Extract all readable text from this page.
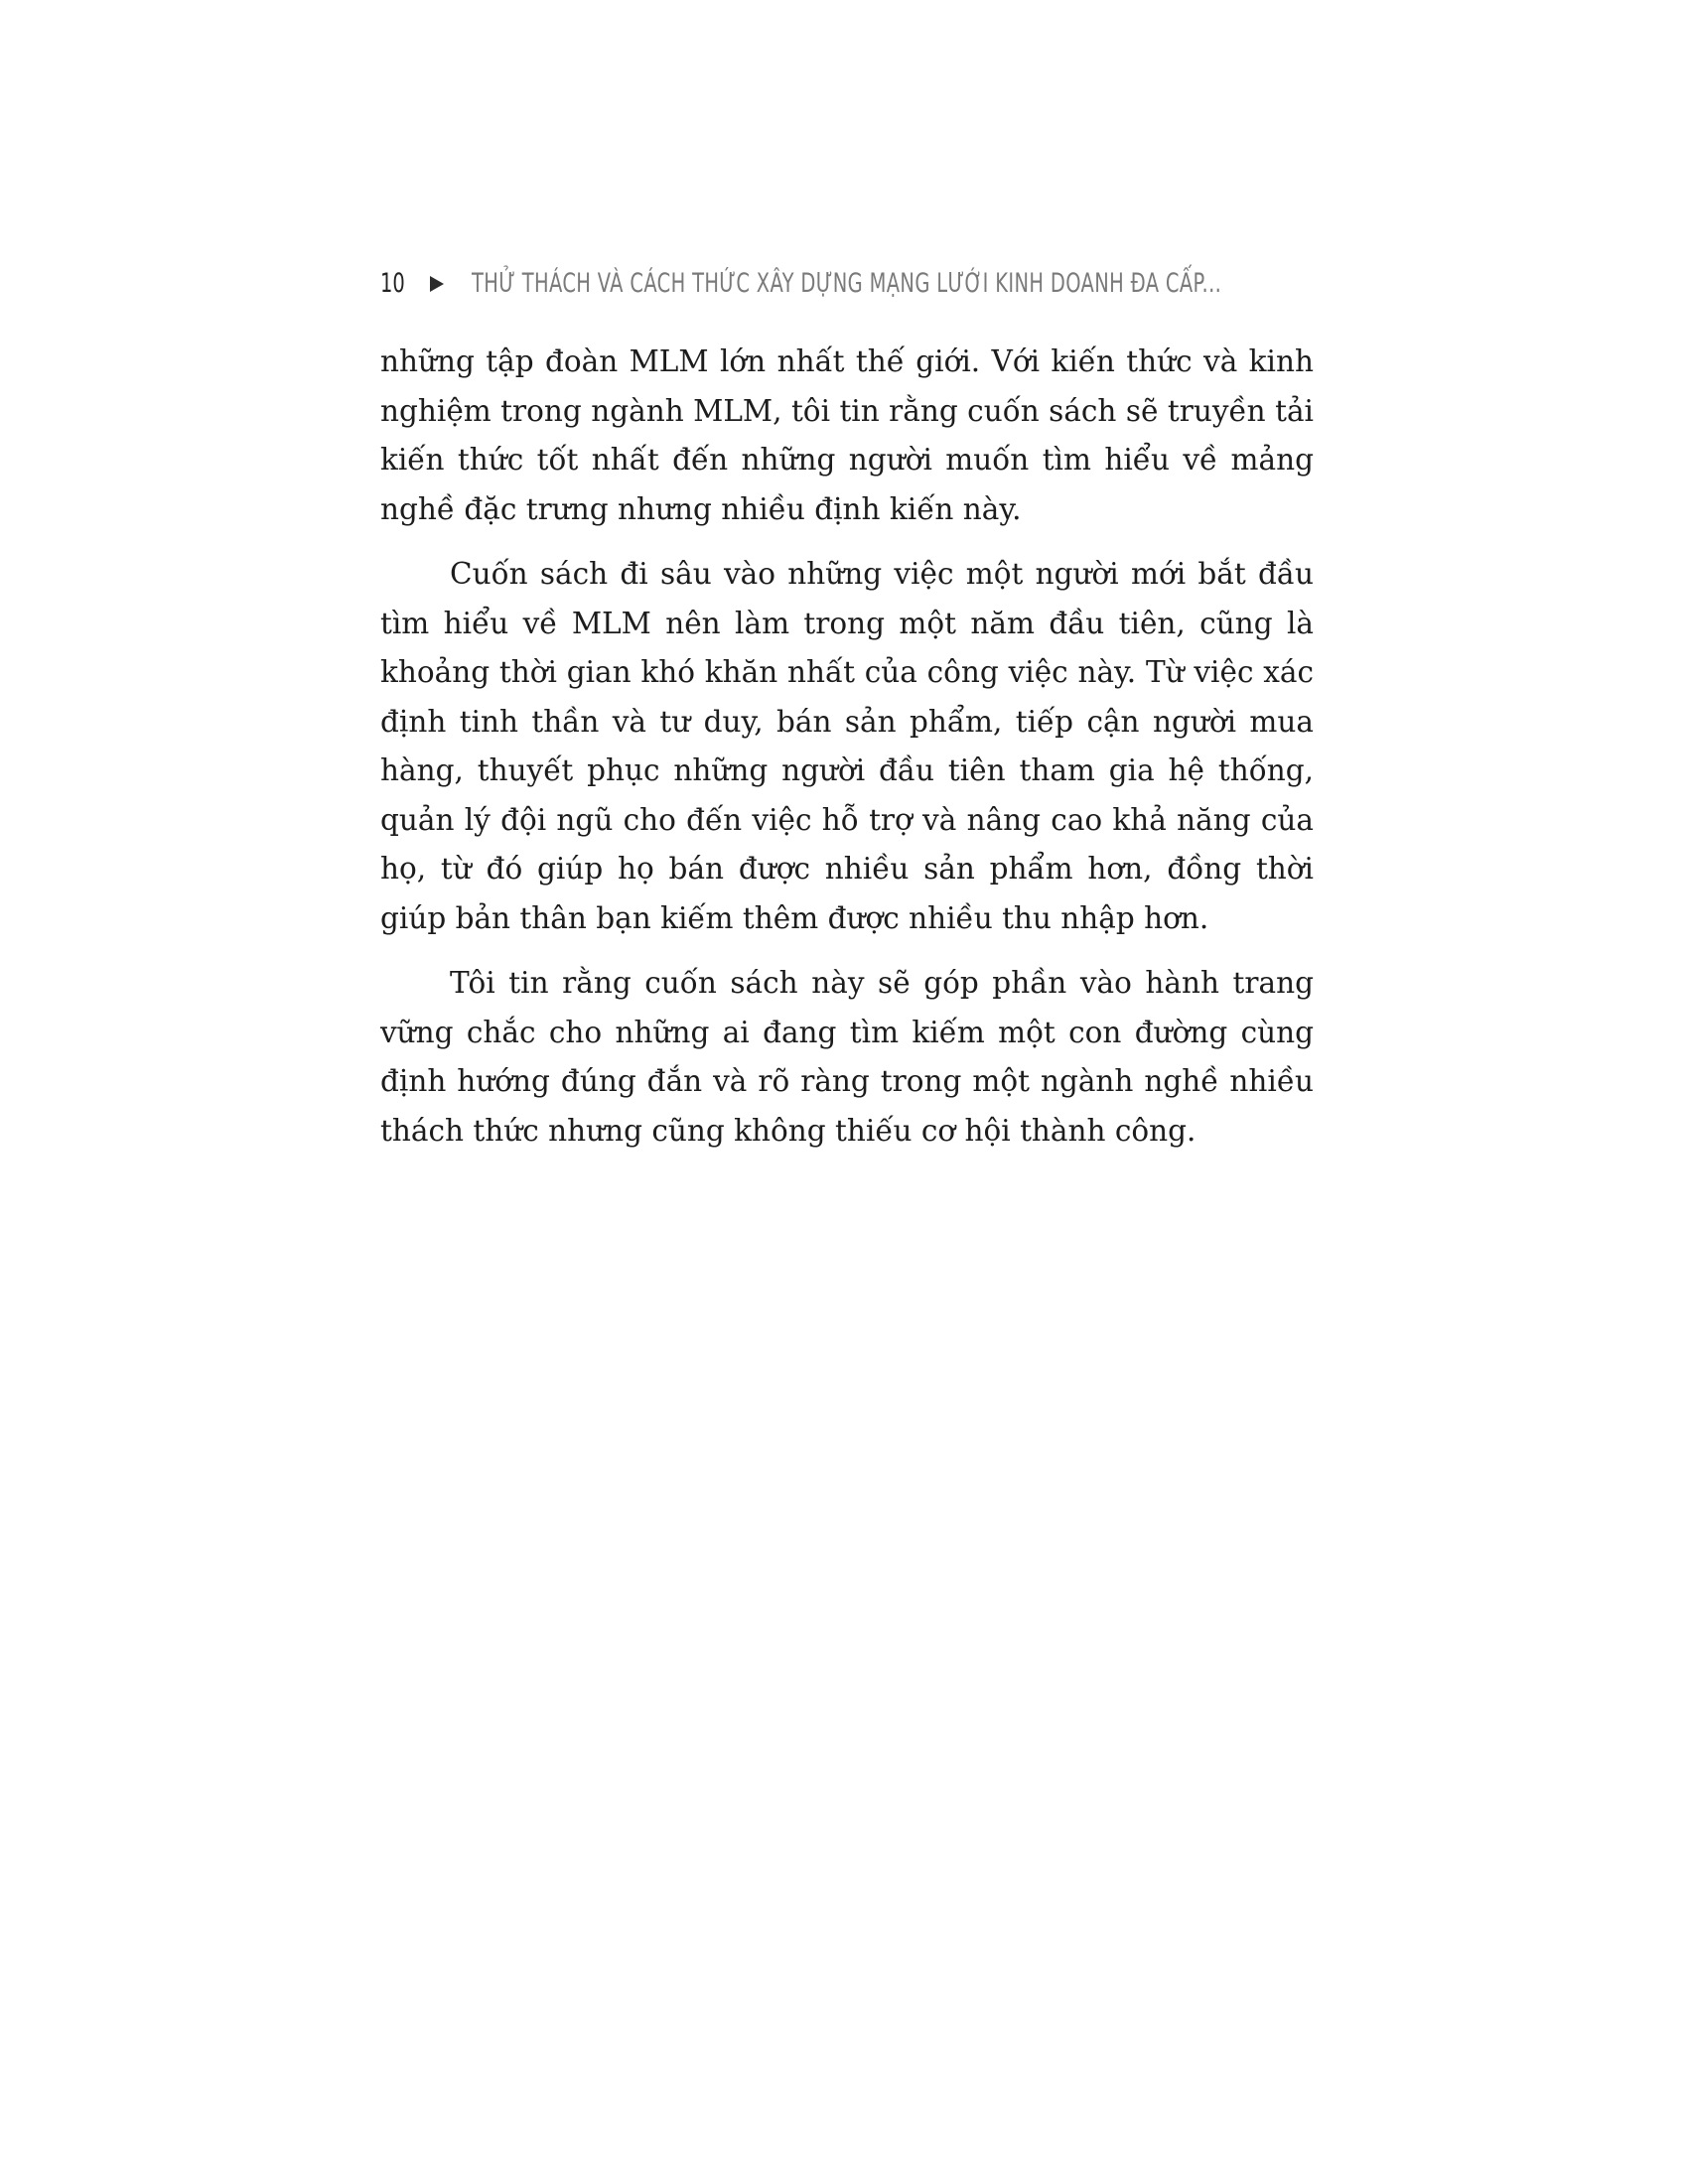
10 THỬ THÁCH VÀ CÁCH THỨC XÂY DỰNG MẠNG LƯỚI KINH DOANH ĐA CẤP...

những tập đoàn MLM lớn nhất thế giới. Với kiến thức và kinh nghiệm trong ngành MLM, tôi tin rằng cuốn sách sẽ truyền tải kiến thức tốt nhất đến những người muốn tìm hiểu về mảng nghề đặc trưng nhưng nhiều định kiến này.

Cuốn sách đi sâu vào những việc một người mới bắt đầu tìm hiểu về MLM nên làm trong một năm đầu tiên, cũng là khoảng thời gian khó khăn nhất của công việc này. Từ việc xác định tinh thần và tư duy, bán sản phẩm, tiếp cận người mua hàng, thuyết phục những người đầu tiên tham gia hệ thống, quản lý đội ngũ cho đến việc hỗ trợ và nâng cao khả năng của họ, từ đó giúp họ bán được nhiều sản phẩm hơn, đồng thời giúp bản thân bạn kiếm thêm được nhiều thu nhập hơn.

Tôi tin rằng cuốn sách này sẽ góp phần vào hành trang vững chắc cho những ai đang tìm kiếm một con đường cùng định hướng đúng đắn và rõ ràng trong một ngành nghề nhiều thách thức nhưng cũng không thiếu cơ hội thành công.
